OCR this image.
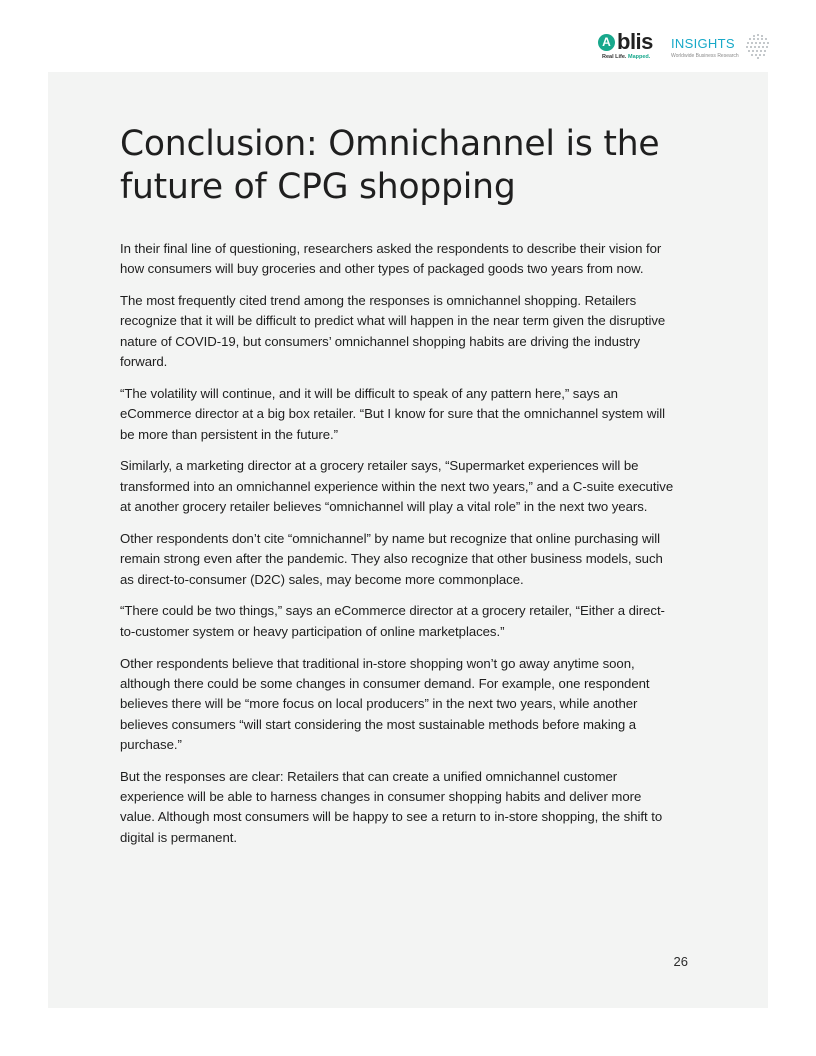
A blis
Real Life. Mapped.
INSIGHTS
Worldwide Business Research
Conclusion: Omnichannel is the future of CPG shopping

In their final line of questioning, researchers asked the respondents to describe their vision for how consumers will buy groceries and other types of packaged goods two years from now.

The most frequently cited trend among the responses is omnichannel shopping. Retailers recognize that it will be difficult to predict what will happen in the near term given the disruptive nature of COVID-19, but consumers’ omnichannel shopping habits are driving the industry forward.

“The volatility will continue, and it will be difficult to speak of any pattern here,” says an eCommerce director at a big box retailer. “But I know for sure that the omnichannel system will be more than persistent in the future.”

Similarly, a marketing director at a grocery retailer says, “Supermarket experiences will be transformed into an omnichannel experience within the next two years,” and a C-suite executive at another grocery retailer believes “omnichannel will play a vital role” in the next two years.

Other respondents don’t cite “omnichannel” by name but recognize that online purchasing will remain strong even after the pandemic. They also recognize that other business models, such as direct-to-consumer (D2C) sales, may become more commonplace.

“There could be two things,” says an eCommerce director at a grocery retailer, “Either a direct-to-customer system or heavy participation of online marketplaces.”

Other respondents believe that traditional in-store shopping won’t go away anytime soon, although there could be some changes in consumer demand. For example, one respondent believes there will be “more focus on local producers” in the next two years, while another believes consumers “will start considering the most sustainable methods before making a purchase.”

But the responses are clear: Retailers that can create a unified omnichannel customer experience will be able to harness changes in consumer shopping habits and deliver more value. Although most consumers will be happy to see a return to in-store shopping, the shift to digital is permanent.

26
